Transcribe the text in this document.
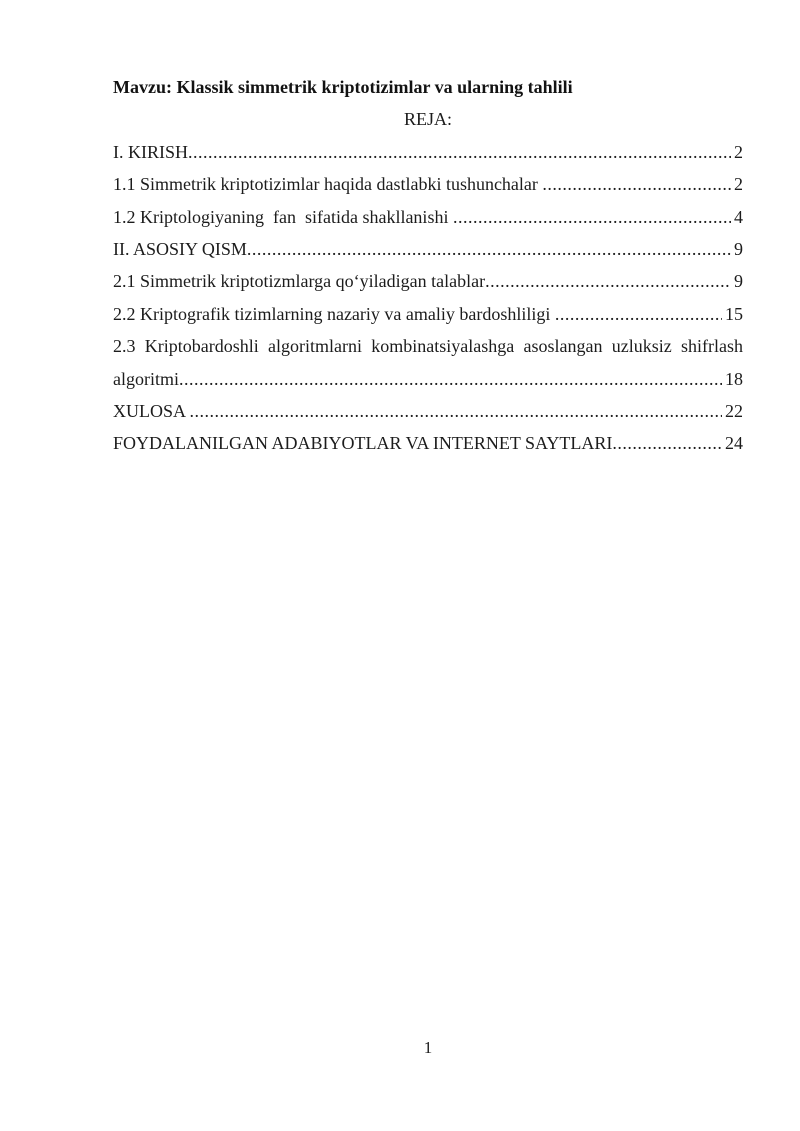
Mavzu: Klassik simmetrik kriptotizimlar va ularning tahlili
REJA:
I. KIRISH .....	2
1.1 Simmetrik kriptotizimlar haqida dastlabki tushunchalar .....	2
1.2 Kriptologiyaning  fan  sifatida shakllanishi .....	4
II. ASOSIY QISM .....	9
2.1 Simmetrik kriptotizmlarga qoʻyiladigan talablar .....	9
2.2 Kriptografik tizimlarning nazariy va amaliy bardoshliligi .....	15
2.3 Kriptobardoshli algoritmlarni kombinatsiyalashga asoslangan uzluksiz shifrlash
algoritmi .....	18
XULOSA .....	22
FOYDALANILGAN ADABIYOTLAR VA INTERNET SAYTLARI .....	24
1
